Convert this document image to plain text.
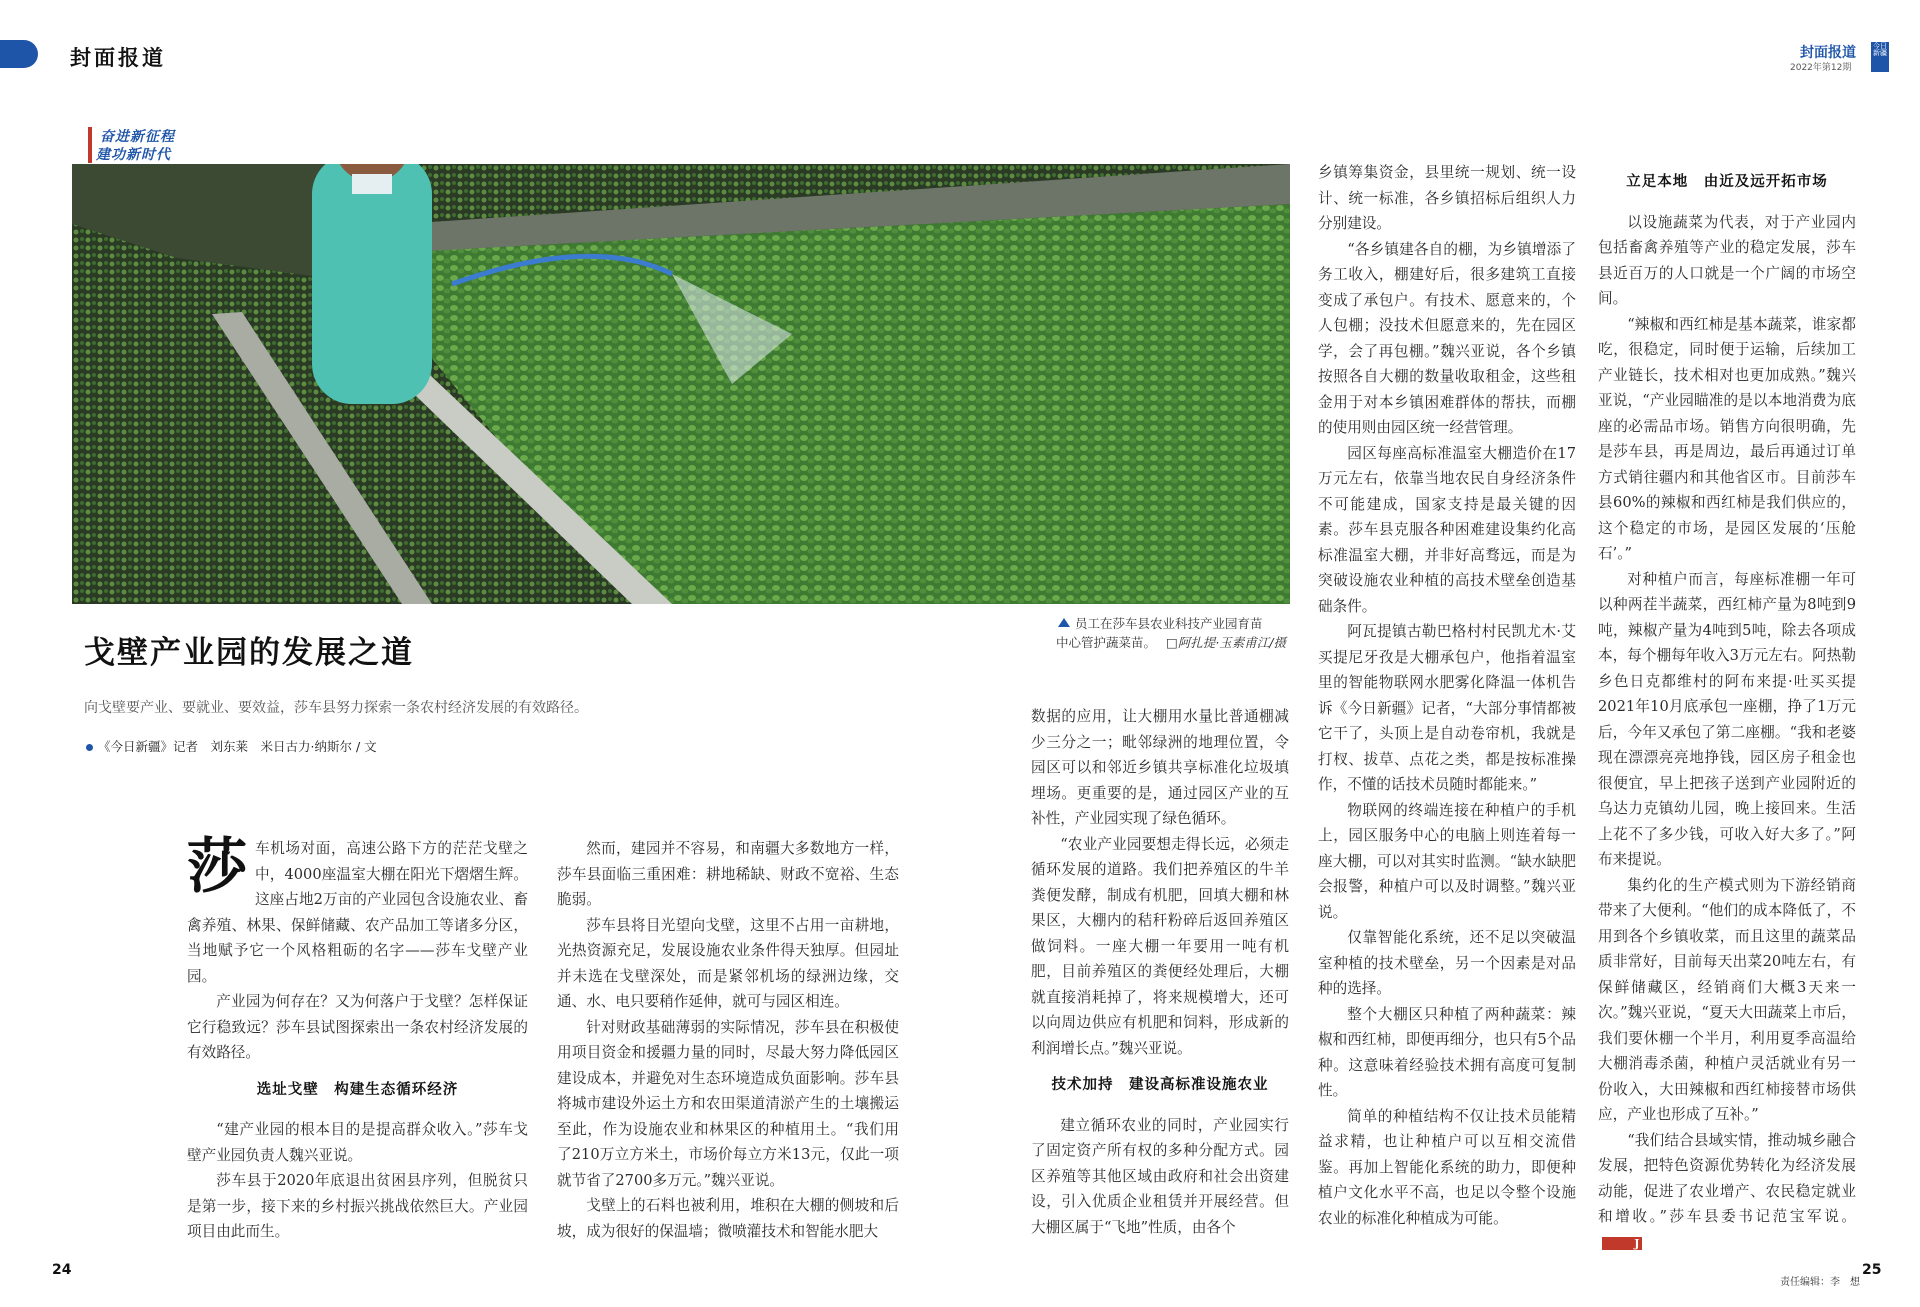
封面报道	封面报道
2022年第12期
今日新疆
奋进新征程
建功新时代
员工在莎车县农业科技产业园育苗
中心管护蔬菜苗。 □阿扎提·玉素甫江/摄
戈壁产业园的发展之道
向戈壁要产业、要就业、要效益，莎车县努力探索一条农村经济发展的有效路径。
《今日新疆》记者　刘东莱　米日古力·纳斯尔 / 文
莎 车机场对面，高速公路下方的茫茫戈壁之中，4000座温室大棚在阳光下熠熠生辉。这座占地2万亩的产业园包含设施农业、畜禽养殖、林果、保鲜储藏、农产品加工等诸多分区，当地赋予它一个风格粗砺的名字——莎车戈壁产业园。

产业园为何存在？又为何落户于戈壁？怎样保证它行稳致远？莎车县试图探索出一条农村经济发展的有效路径。

选址戈壁　构建生态循环经济

“建产业园的根本目的是提高群众收入。”莎车戈壁产业园负责人魏兴亚说。

莎车县于2020年底退出贫困县序列，但脱贫只是第一步，接下来的乡村振兴挑战依然巨大。产业园项目由此而生。

然而，建园并不容易，和南疆大多数地方一样，莎车县面临三重困难：耕地稀缺、财政不宽裕、生态脆弱。

莎车县将目光望向戈壁，这里不占用一亩耕地，光热资源充足，发展设施农业条件得天独厚。但园址并未选在戈壁深处，而是紧邻机场的绿洲边缘，交通、水、电只要稍作延伸，就可与园区相连。

针对财政基础薄弱的实际情况，莎车县在积极使用项目资金和援疆力量的同时，尽最大努力降低园区建设成本，并避免对生态环境造成负面影响。莎车县将城市建设外运土方和农田渠道清淤产生的土壤搬运至此，作为设施农业和林果区的种植用土。“我们用了210万立方米土，市场价每立方米13元，仅此一项就节省了2700多万元。”魏兴亚说。

戈壁上的石料也被利用，堆积在大棚的侧坡和后坡，成为很好的保温墙；微喷灌技术和智能水肥大

数据的应用，让大棚用水量比普通棚减少三分之一；毗邻绿洲的地理位置，令园区可以和邻近乡镇共享标准化垃圾填埋场。更重要的是，通过园区产业的互补性，产业园实现了绿色循环。

“农业产业园要想走得长远，必须走循环发展的道路。我们把养殖区的牛羊粪便发酵，制成有机肥，回填大棚和林果区，大棚内的秸秆粉碎后返回养殖区做饲料。一座大棚一年要用一吨有机肥，目前养殖区的粪便经处理后，大棚就直接消耗掉了，将来规模增大，还可以向周边供应有机肥和饲料，形成新的利润增长点。”魏兴亚说。

技术加持　建设高标准设施农业

建立循环农业的同时，产业园实行了固定资产所有权的多种分配方式。园区养殖等其他区域由政府和社会出资建设，引入优质企业租赁并开展经营。但大棚区属于“飞地”性质，由各个

乡镇筹集资金，县里统一规划、统一设计、统一标准，各乡镇招标后组织人力分别建设。

“各乡镇建各自的棚，为乡镇增添了务工收入，棚建好后，很多建筑工直接变成了承包户。有技术、愿意来的，个人包棚；没技术但愿意来的，先在园区学，会了再包棚。”魏兴亚说，各个乡镇按照各自大棚的数量收取租金，这些租金用于对本乡镇困难群体的帮扶，而棚的使用则由园区统一经营管理。

园区每座高标准温室大棚造价在17万元左右，依靠当地农民自身经济条件不可能建成，国家支持是最关键的因素。莎车县克服各种困难建设集约化高标准温室大棚，并非好高骛远，而是为突破设施农业种植的高技术壁垒创造基础条件。

阿瓦提镇古勒巴格村村民凯尤木·艾买提尼牙孜是大棚承包户，他指着温室里的智能物联网水肥雾化降温一体机告诉《今日新疆》记者，“大部分事情都被它干了，头顶上是自动卷帘机，我就是打杈、拔草、点花之类，都是按标准操作，不懂的话技术员随时都能来。”

物联网的终端连接在种植户的手机上，园区服务中心的电脑上则连着每一座大棚，可以对其实时监测。“缺水缺肥会报警，种植户可以及时调整。”魏兴亚说。

仅靠智能化系统，还不足以突破温室种植的技术壁垒，另一个因素是对品种的选择。

整个大棚区只种植了两种蔬菜：辣椒和西红柿，即便再细分，也只有5个品种。这意味着经验技术拥有高度可复制性。

简单的种植结构不仅让技术员能精益求精，也让种植户可以互相交流借鉴。再加上智能化系统的助力，即便种植户文化水平不高，也足以令整个设施农业的标准化种植成为可能。

立足本地　由近及远开拓市场

以设施蔬菜为代表，对于产业园内包括畜禽养殖等产业的稳定发展，莎车县近百万的人口就是一个广阔的市场空间。

“辣椒和西红柿是基本蔬菜，谁家都吃，很稳定，同时便于运输，后续加工产业链长，技术相对也更加成熟。”魏兴亚说，“产业园瞄准的是以本地消费为底座的必需品市场。销售方向很明确，先是莎车县，再是周边，最后再通过订单方式销往疆内和其他省区市。目前莎车县60%的辣椒和西红柿是我们供应的，这个稳定的市场，是园区发展的‘压舱石’。”

对种植户而言，每座标准棚一年可以种两茬半蔬菜，西红柿产量为8吨到9吨，辣椒产量为4吨到5吨，除去各项成本，每个棚每年收入3万元左右。阿热勒乡色日克都维村的阿布来提·吐买买提2021年10月底承包一座棚，挣了1万元后，今年又承包了第二座棚。“我和老婆现在漂漂亮亮地挣钱，园区房子租金也很便宜，早上把孩子送到产业园附近的乌达力克镇幼儿园，晚上接回来。生活上花不了多少钱，可收入好大多了。”阿布来提说。

集约化的生产模式则为下游经销商带来了大便利。“他们的成本降低了，不用到各个乡镇收菜，而且这里的蔬菜品质非常好，目前每天出菜20吨左右，有保鲜储藏区，经销商们大概3天来一次。”魏兴亚说，“夏天大田蔬菜上市后，我们要休棚一个半月，利用夏季高温给大棚消毒杀菌，种植户灵活就业有另一份收入，大田辣椒和西红柿接替市场供应，产业也形成了互补。”

“我们结合县域实情，推动城乡融合发展，把特色资源优势转化为经济发展动能，促进了农业增产、农民稳定就业和增收。”莎车县委书记范宝军说。J

责任编辑：李　想
24	25
